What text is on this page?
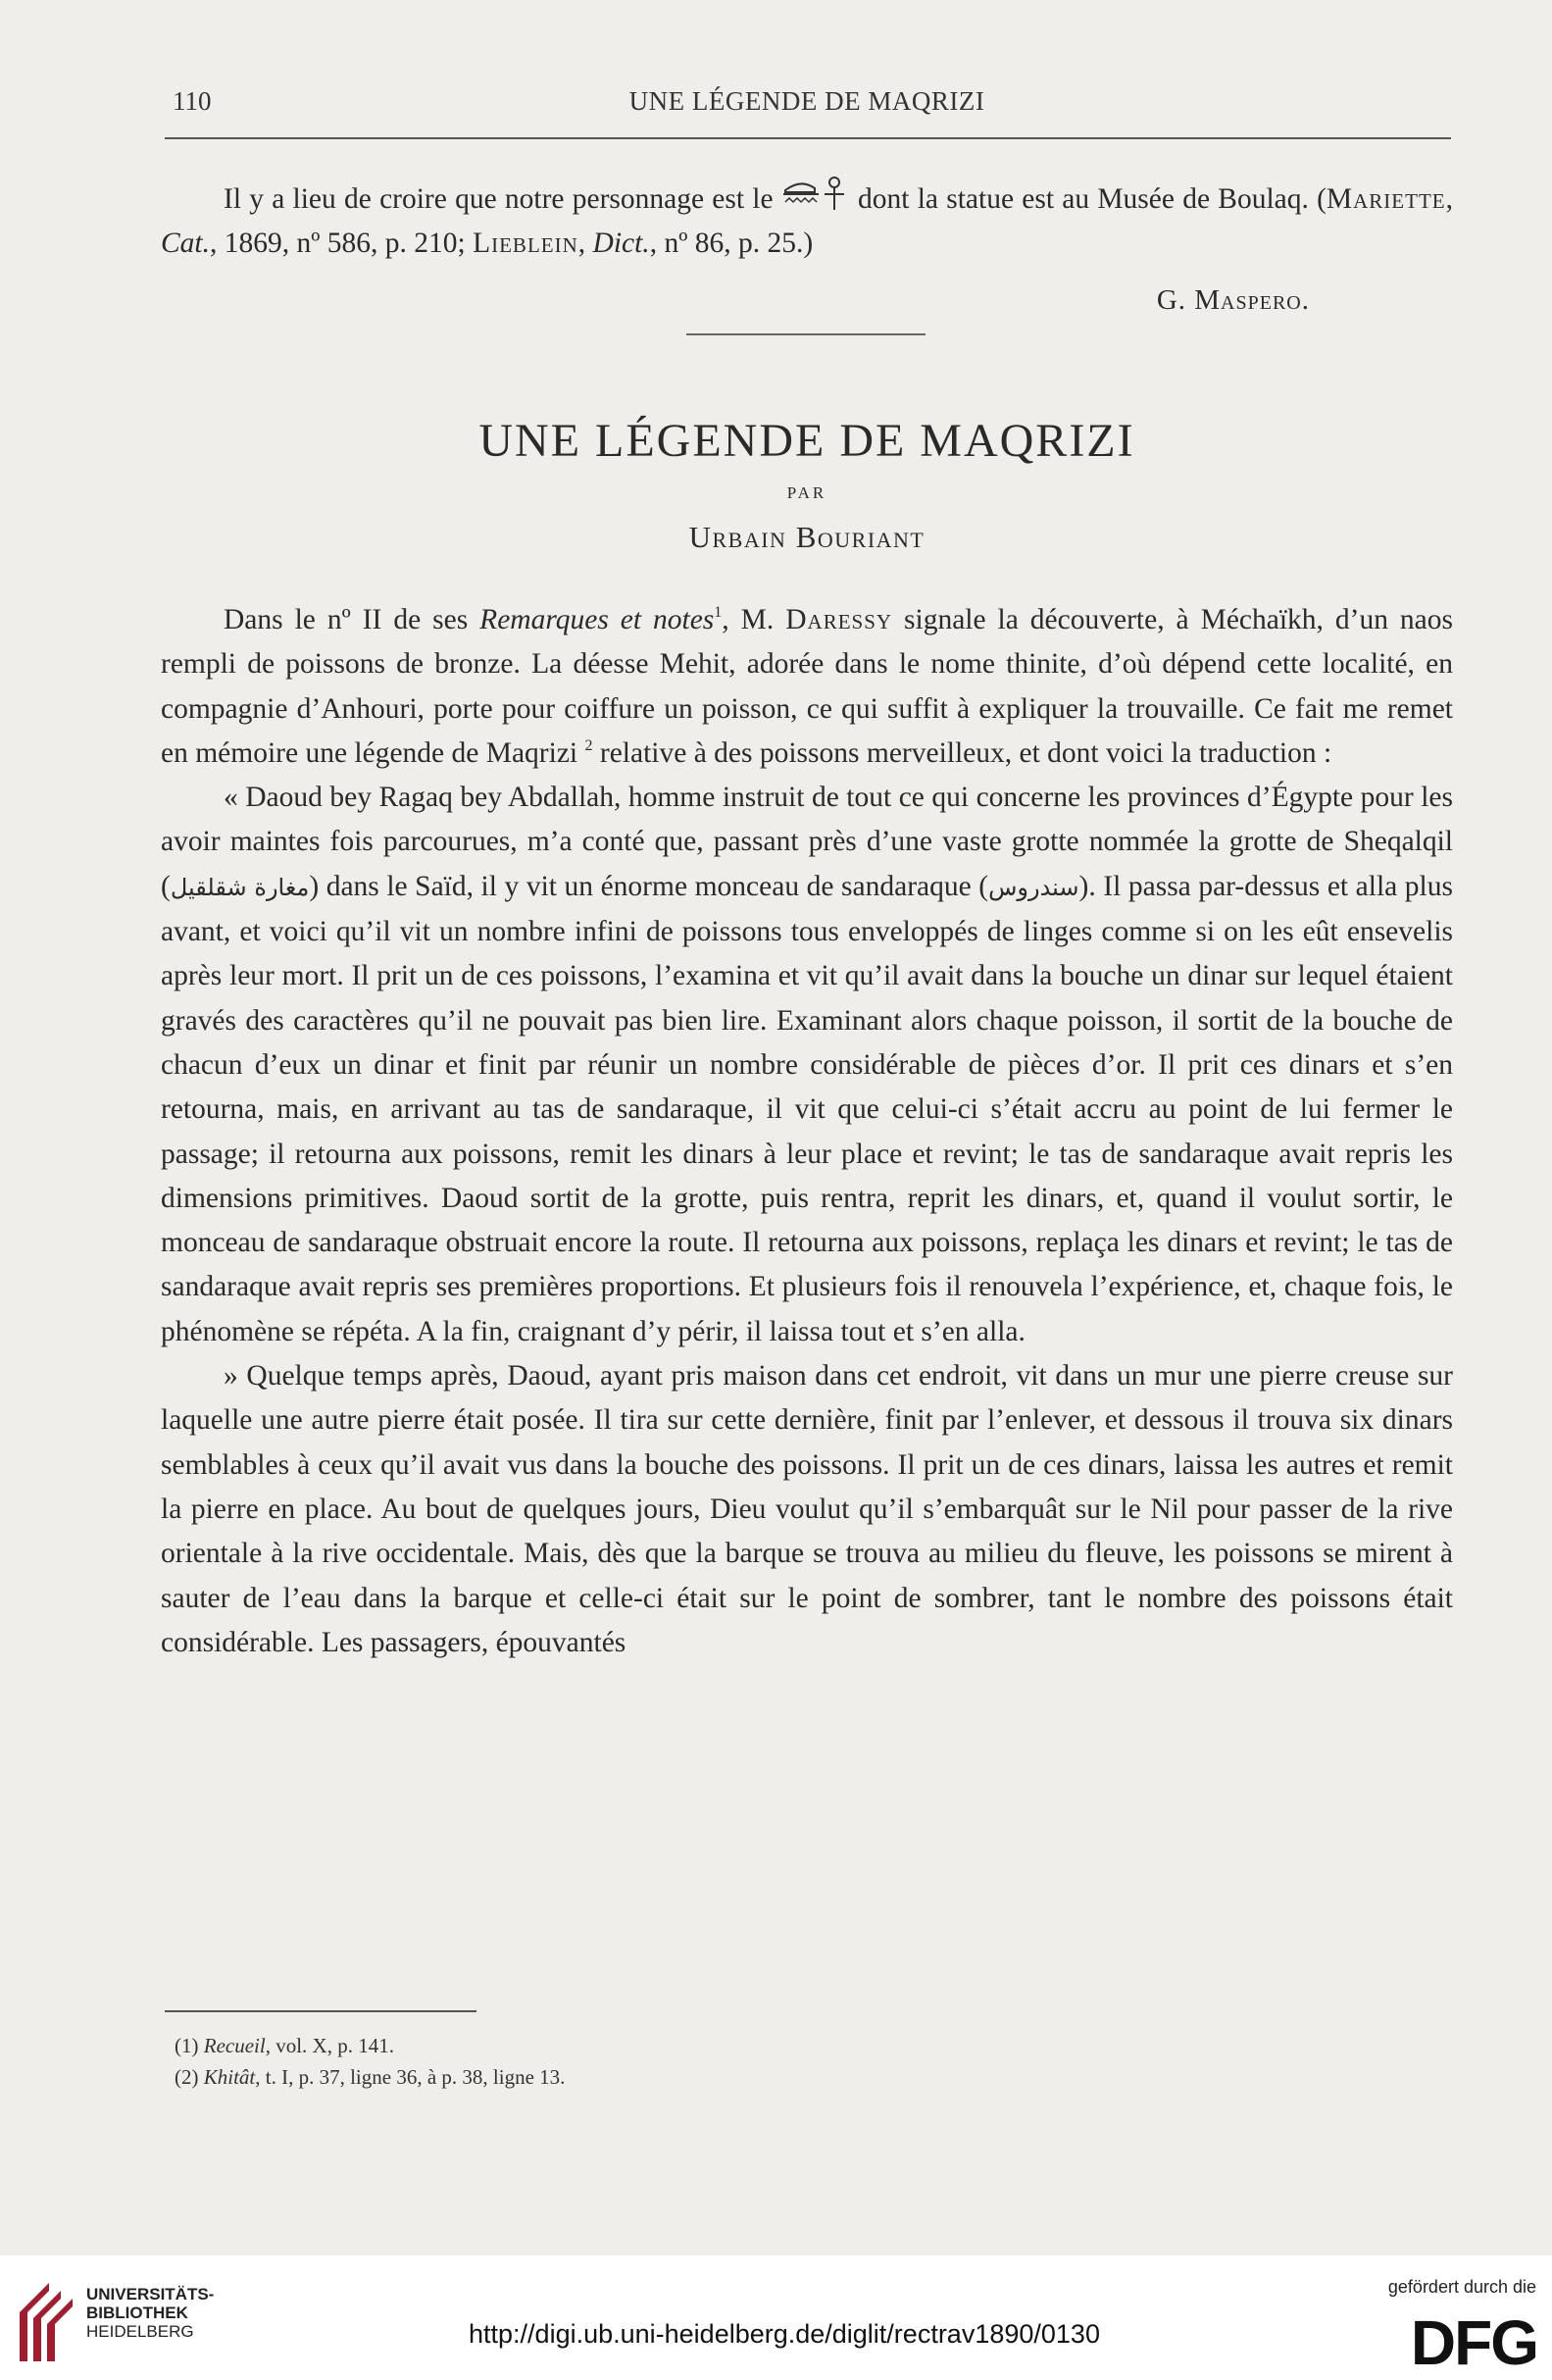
110	UNE LÉGENDE DE MAQRIZI

Il y a lieu de croire que notre personnage est le  dont la statue est au Musée de Boulaq. (Mariette, Cat., 1869, nº 586, p. 210; Lieblein, Dict., nº 86, p. 25.)

G. Maspero.
UNE LÉGENDE DE MAQRIZI
PAR
Urbain Bouriant

Dans le nº II de ses Remarques et notes$^1$, M. Daressy signale la découverte, à Méchaïkh, d’un naos rempli de poissons de bronze. La déesse Mehit, adorée dans le nome thinite, d’où dépend cette localité, en compagnie d’Anhouri, porte pour coiffure un poisson, ce qui suffit à expliquer la trouvaille. Ce fait me remet en mémoire une légende de Maqrizi $^2$ relative à des poissons merveilleux, et dont voici la traduction :

« Daoud bey Ragaq bey Abdallah, homme instruit de tout ce qui concerne les provinces d’Égypte pour les avoir maintes fois parcourues, m’a conté que, passant près d’une vaste grotte nommée la grotte de Sheqalqil (مغارة شقلقيل) dans le Saïd, il y vit un énorme monceau de sandaraque (سندروس). Il passa par-dessus et alla plus avant, et voici qu’il vit un nombre infini de poissons tous enveloppés de linges comme si on les eût ensevelis après leur mort. Il prit un de ces poissons, l’examina et vit qu’il avait dans la bouche un dinar sur lequel étaient gravés des caractères qu’il ne pouvait pas bien lire. Examinant alors chaque poisson, il sortit de la bouche de chacun d’eux un dinar et finit par réunir un nombre considérable de pièces d’or. Il prit ces dinars et s’en retourna, mais, en arrivant au tas de sandaraque, il vit que celui-ci s’était accru au point de lui fermer le passage; il retourna aux poissons, remit les dinars à leur place et revint; le tas de sandaraque avait repris les dimensions primitives. Daoud sortit de la grotte, puis rentra, reprit les dinars, et, quand il voulut sortir, le monceau de sandaraque obstruait encore la route. Il retourna aux poissons, replaça les dinars et revint; le tas de sandaraque avait repris ses premières proportions. Et plusieurs fois il renouvela l’expérience, et, chaque fois, le phénomène se répéta. A la fin, craignant d’y périr, il laissa tout et s’en alla.

» Quelque temps après, Daoud, ayant pris maison dans cet endroit, vit dans un mur une pierre creuse sur laquelle une autre pierre était posée. Il tira sur cette dernière, finit par l’enlever, et dessous il trouva six dinars semblables à ceux qu’il avait vus dans la bouche des poissons. Il prit un de ces dinars, laissa les autres et remit la pierre en place. Au bout de quelques jours, Dieu voulut qu’il s’embarquât sur le Nil pour passer de la rive orientale à la rive occidentale. Mais, dès que la barque se trouva au milieu du fleuve, les poissons se mirent à sauter de l’eau dans la barque et celle-ci était sur le point de sombrer, tant le nombre des poissons était considérable. Les passagers, épouvantés

(1) Recueil, vol. X, p. 141.
(2) Khitât, t. I, p. 37, ligne 36, à p. 38, ligne 13.
UNIVERSITÄTS-
BIBLIOTHEK
HEIDELBERG	http://digi.ub.uni-heidelberg.de/diglit/rectrav1890/0130
gefördert durch die
DFG
